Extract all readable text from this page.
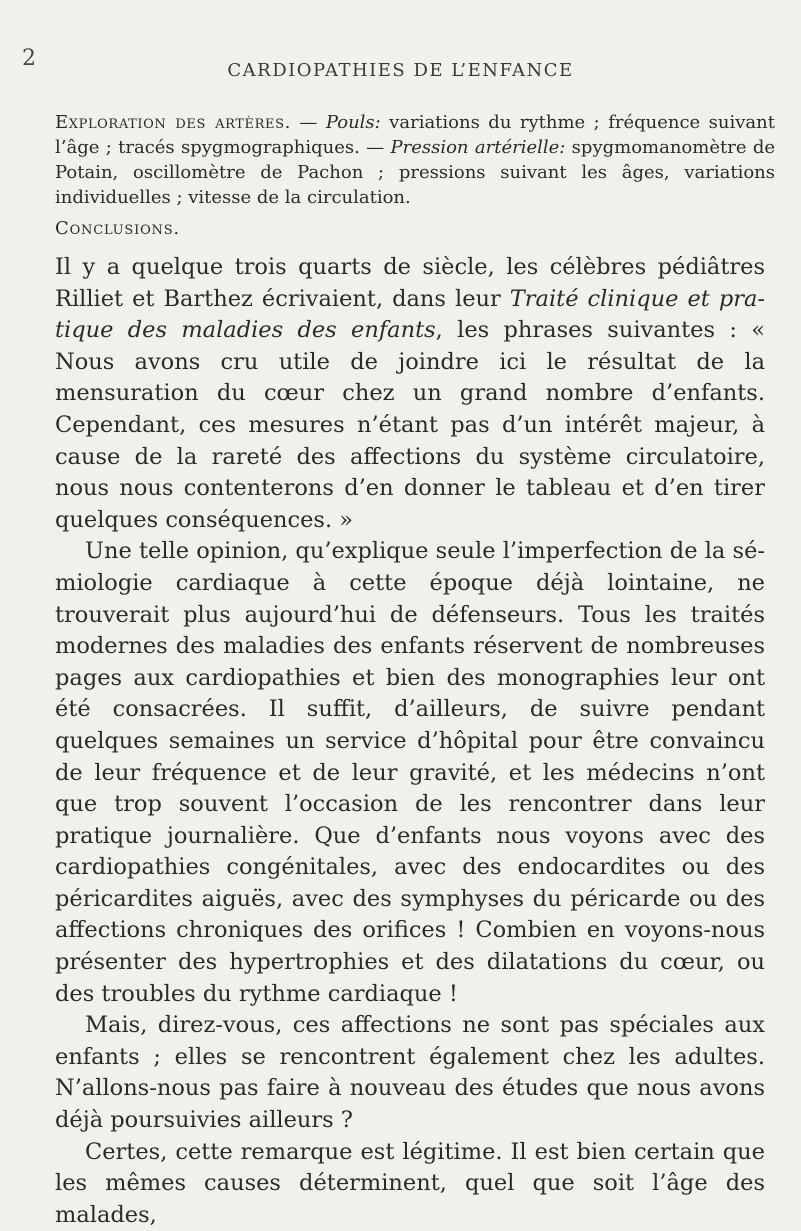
2	CARDIOPATHIES DE L’ENFANCE

Exploration des artères. — Pouls: variations du rythme ; fréquence suivant l’âge ; tracés spygmographiques. — Pression artérielle: spygmomanomètre de Potain, oscillomètre de Pachon ; pressions suivant les âges, variations individuelles ; vitesse de la circulation.

Conclusions.

Il y a quelque trois quarts de siècle, les célèbres pédiâtres Rilliet et Barthez écrivaient, dans leur Traité clinique et pratique des maladies des enfants, les phrases suivantes : « Nous avons cru utile de joindre ici le résultat de la mensuration du cœur chez un grand nombre d’enfants. Cependant, ces mesures n’étant pas d’un intérêt majeur, à cause de la rareté des affections du système circulatoire, nous nous contenterons d’en donner le tableau et d’en tirer quelques conséquences. »

Une telle opinion, qu’explique seule l’imperfection de la sémiologie cardiaque à cette époque déjà lointaine, ne trouverait plus aujourd’hui de défenseurs. Tous les traités modernes des maladies des enfants réservent de nombreuses pages aux cardiopathies et bien des monographies leur ont été consacrées. Il suffit, d’ailleurs, de suivre pendant quelques semaines un service d’hôpital pour être convaincu de leur fréquence et de leur gravité, et les médecins n’ont que trop souvent l’occasion de les rencontrer dans leur pratique journalière. Que d’enfants nous voyons avec des cardiopathies congénitales, avec des endocardites ou des péricardites aiguës, avec des symphyses du péricarde ou des affections chroniques des orifices ! Combien en voyons-nous présenter des hypertrophies et des dilatations du cœur, ou des troubles du rythme cardiaque !

Mais, direz-vous, ces affections ne sont pas spéciales aux enfants ; elles se rencontrent également chez les adultes. N’allons-nous pas faire à nouveau des études que nous avons déjà poursuivies ailleurs ?

Certes, cette remarque est légitime. Il est bien certain que les mêmes causes déterminent, quel que soit l’âge des malades,
